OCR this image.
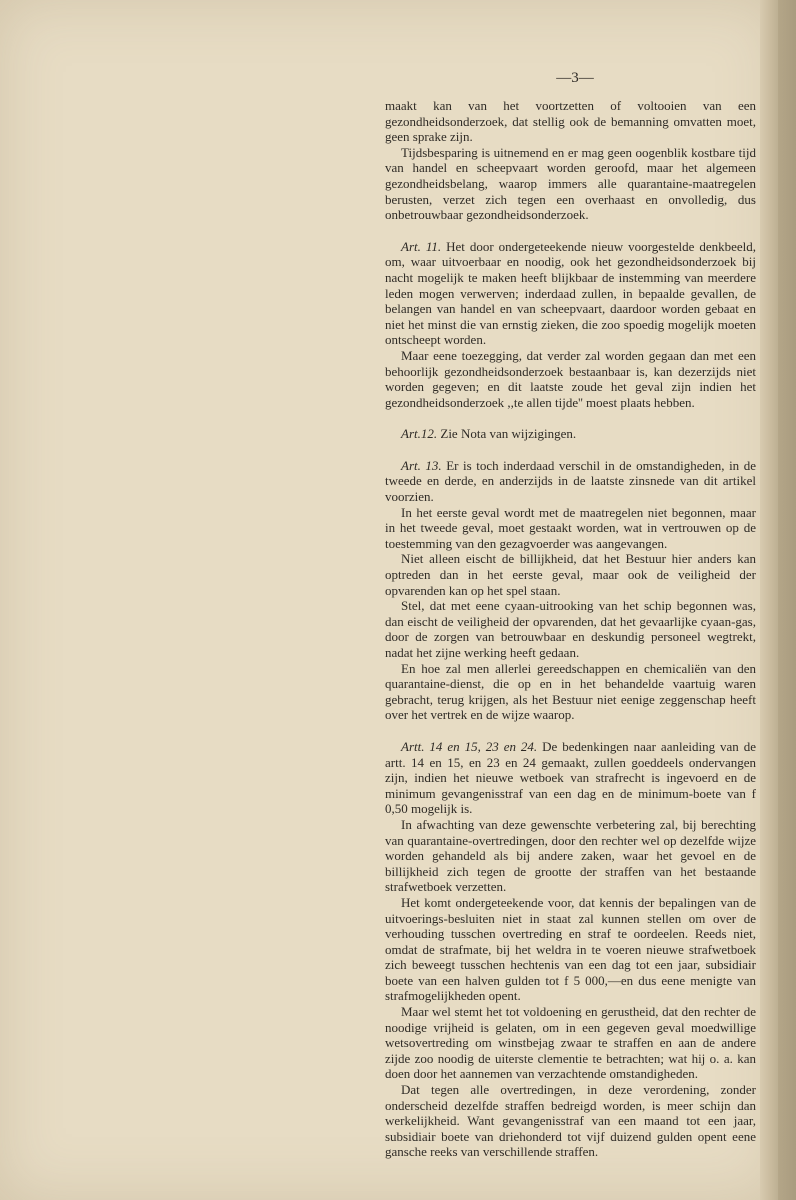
—3—

maakt kan van het voortzetten of voltooien van een gezondheidsonderzoek, dat stellig ook de bemanning omvatten moet, geen sprake zijn.

Tijdsbesparing is uitnemend en er mag geen oogenblik kostbare tijd van handel en scheepvaart worden geroofd, maar het algemeen gezondheidsbelang, waarop immers alle quarantaine-maatregelen berusten, verzet zich tegen een overhaast en onvolledig, dus onbetrouwbaar gezondheidsonderzoek.

Art. 11. Het door ondergeteekende nieuw voorgestelde denkbeeld, om, waar uitvoerbaar en noodig, ook het gezondheidsonderzoek bij nacht mogelijk te maken heeft blijkbaar de instemming van meerdere leden mogen verwerven; inderdaad zullen, in bepaalde gevallen, de belangen van handel en van scheepvaart, daardoor worden gebaat en niet het minst die van ernstig zieken, die zoo spoedig mogelijk moeten ontscheept worden.

Maar eene toezegging, dat verder zal worden gegaan dan met een behoorlijk gezondheidsonderzoek bestaanbaar is, kan dezerzijds niet worden gegeven; en dit laatste zoude het geval zijn indien het gezondheidsonderzoek ,,te allen tijde'' moest plaats hebben.

Art.12. Zie Nota van wijzigingen.

Art. 13. Er is toch inderdaad verschil in de omstandigheden, in de tweede en derde, en anderzijds in de laatste zinsnede van dit artikel voorzien.

In het eerste geval wordt met de maatregelen niet begonnen, maar in het tweede geval, moet gestaakt worden, wat in vertrouwen op de toestemming van den gezagvoerder was aangevangen.

Niet alleen eischt de billijkheid, dat het Bestuur hier anders kan optreden dan in het eerste geval, maar ook de veiligheid der opvarenden kan op het spel staan.

Stel, dat met eene cyaan-uitrooking van het schip begonnen was, dan eischt de veiligheid der opvarenden, dat het gevaarlijke cyaan-gas, door de zorgen van betrouwbaar en deskundig personeel wegtrekt, nadat het zijne werking heeft gedaan.

En hoe zal men allerlei gereedschappen en chemicaliën van den quarantaine-dienst, die op en in het behandelde vaartuig waren gebracht, terug krijgen, als het Bestuur niet eenige zeggenschap heeft over het vertrek en de wijze waarop.

Artt. 14 en 15, 23 en 24. De bedenkingen naar aanleiding van de artt. 14 en 15, en 23 en 24 gemaakt, zullen goeddeels ondervangen zijn, indien het nieuwe wetboek van strafrecht is ingevoerd en de minimum gevangenisstraf van een dag en de minimum-boete van f 0,50 mogelijk is.

In afwachting van deze gewenschte verbetering zal, bij berechting van quarantaine-overtredingen, door den rechter wel op dezelfde wijze worden gehandeld als bij andere zaken, waar het gevoel en de billijkheid zich tegen de grootte der straffen van het bestaande strafwetboek verzetten.

Het komt ondergeteekende voor, dat kennis der bepalingen van de uitvoerings-besluiten niet in staat zal kunnen stellen om over de verhouding tusschen overtreding en straf te oordeelen. Reeds niet, omdat de strafmate, bij het weldra in te voeren nieuwe strafwetboek zich beweegt tusschen hechtenis van een dag tot een jaar, subsidiair boete van een halven gulden tot f 5 000,—en dus eene menigte van strafmogelijkheden opent.

Maar wel stemt het tot voldoening en gerustheid, dat den rechter de noodige vrijheid is gelaten, om in een gegeven geval moedwillige wetsovertreding om winstbejag zwaar te straffen en aan de andere zijde zoo noodig de uiterste clementie te betrachten; wat hij o. a. kan doen door het aannemen van verzachtende omstandigheden.

Dat tegen alle overtredingen, in deze verordening, zonder onderscheid dezelfde straffen bedreigd worden, is meer schijn dan werkelijkheid. Want gevangenisstraf van een maand tot een jaar, subsidiair boete van driehonderd tot vijf duizend gulden opent eene gansche reeks van verschillende straffen.
